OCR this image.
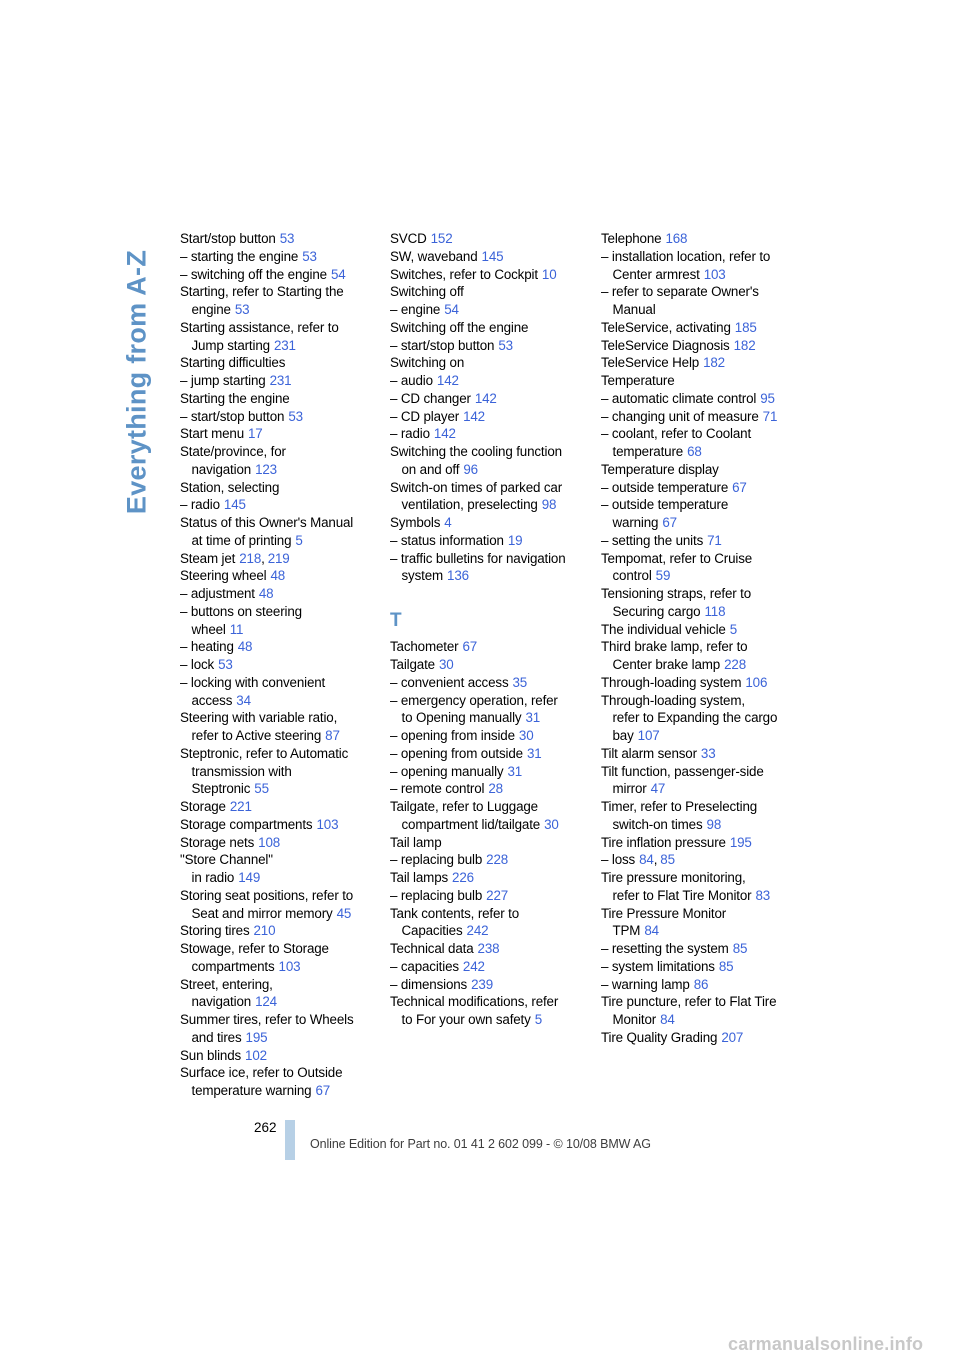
Everything from A-Z
Start/stop button 53
– starting the engine 53
– switching off the engine 54
Starting, refer to Starting the
engine 53
Starting assistance, refer to
Jump starting 231
Starting difficulties
– jump starting 231
Starting the engine
– start/stop button 53
Start menu 17
State/province, for
navigation 123
Station, selecting
– radio 145
Status of this Owner's Manual
at time of printing 5
Steam jet 218, 219
Steering wheel 48
– adjustment 48
– buttons on steering
wheel 11
– heating 48
– lock 53
– locking with convenient
access 34
Steering with variable ratio,
refer to Active steering 87
Steptronic, refer to Automatic
transmission with
Steptronic 55
Storage 221
Storage compartments 103
Storage nets 108
"Store Channel"
in radio 149
Storing seat positions, refer to
Seat and mirror memory 45
Storing tires 210
Stowage, refer to Storage
compartments 103
Street, entering,
navigation 124
Summer tires, refer to Wheels
and tires 195
Sun blinds 102
Surface ice, refer to Outside
temperature warning 67
SVCD 152
SW, waveband 145
Switches, refer to Cockpit 10
Switching off
– engine 54
Switching off the engine
– start/stop button 53
Switching on
– audio 142
– CD changer 142
– CD player 142
– radio 142
Switching the cooling function
on and off 96
Switch-on times of parked car
ventilation, preselecting 98
Symbols 4
– status information 19
– traffic bulletins for navigation
system 136
T
Tachometer 67
Tailgate 30
– convenient access 35
– emergency operation, refer
to Opening manually 31
– opening from inside 30
– opening from outside 31
– opening manually 31
– remote control 28
Tailgate, refer to Luggage
compartment lid/tailgate 30
Tail lamp
– replacing bulb 228
Tail lamps 226
– replacing bulb 227
Tank contents, refer to
Capacities 242
Technical data 238
– capacities 242
– dimensions 239
Technical modifications, refer
to For your own safety 5
Telephone 168
– installation location, refer to
Center armrest 103
– refer to separate Owner's
Manual
TeleService, activating 185
TeleService Diagnosis 182
TeleService Help 182
Temperature
– automatic climate control 95
– changing unit of measure 71
– coolant, refer to Coolant
temperature 68
Temperature display
– outside temperature 67
– outside temperature
warning 67
– setting the units 71
Tempomat, refer to Cruise
control 59
Tensioning straps, refer to
Securing cargo 118
The individual vehicle 5
Third brake lamp, refer to
Center brake lamp 228
Through-loading system 106
Through-loading system,
refer to Expanding the cargo
bay 107
Tilt alarm sensor 33
Tilt function, passenger-side
mirror 47
Timer, refer to Preselecting
switch-on times 98
Tire inflation pressure 195
– loss 84, 85
Tire pressure monitoring,
refer to Flat Tire Monitor 83
Tire Pressure Monitor
TPM 84
– resetting the system 85
– system limitations 85
– warning lamp 86
Tire puncture, refer to Flat Tire
Monitor 84
Tire Quality Grading 207
262
Online Edition for Part no. 01 41 2 602 099 - © 10/08 BMW AG
carmanualsonline.info
